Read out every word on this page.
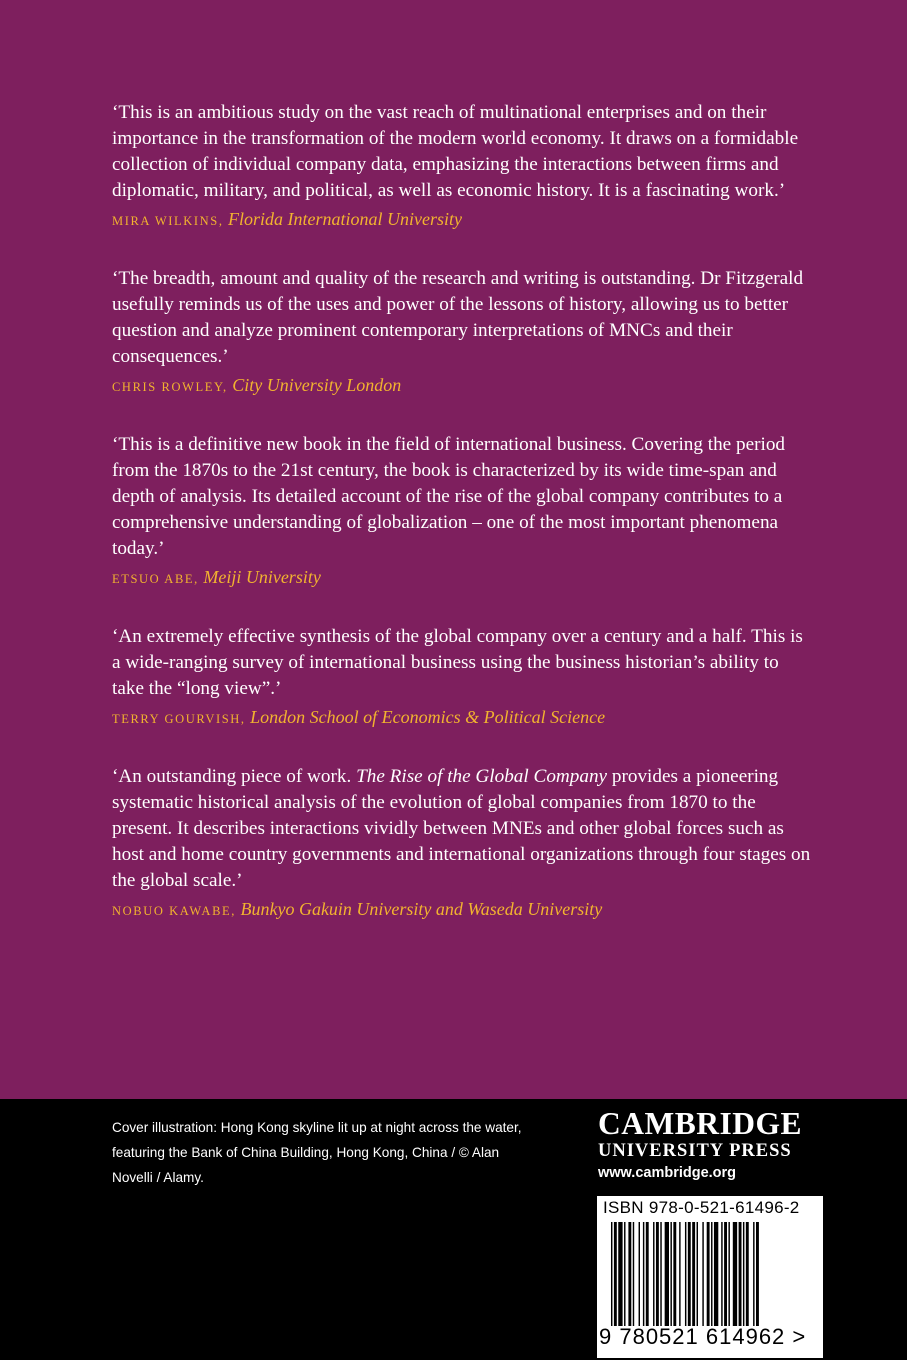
‘This is an ambitious study on the vast reach of multinational enterprises and on their importance in the transformation of the modern world economy. It draws on a formidable collection of individual company data, emphasizing the interactions between firms and diplomatic, military, and political, as well as economic history. It is a fascinating work.’

MIRA WILKINS, Florida International University

‘The breadth, amount and quality of the research and writing is outstanding. Dr Fitzgerald usefully reminds us of the uses and power of the lessons of history, allowing us to better question and analyze prominent contemporary interpretations of MNCs and their consequences.’

CHRIS ROWLEY, City University London

‘This is a definitive new book in the field of international business. Covering the period from the 1870s to the 21st century, the book is characterized by its wide time-span and depth of analysis. Its detailed account of the rise of the global company contributes to a comprehensive understanding of globalization – one of the most important phenomena today.’

ETSUO ABE, Meiji University

‘An extremely effective synthesis of the global company over a century and a half. This is a wide-ranging survey of international business using the business historian’s ability to take the “long view”.’

TERRY GOURVISH, London School of Economics & Political Science

‘An outstanding piece of work. The Rise of the Global Company provides a pioneering systematic historical analysis of the evolution of global companies from 1870 to the present. It describes interactions vividly between MNEs and other global forces such as host and home country governments and international organizations through four stages on the global scale.’

NOBUO KAWABE, Bunkyo Gakuin University and Waseda University
Cover illustration: Hong Kong skyline lit up at night across the water, featuring the Bank of China Building, Hong Kong, China / © Alan Novelli / Alamy.
CAMBRIDGE
UNIVERSITY PRESS
www.cambridge.org
ISBN 978-0-521-61496-2
9 780521 614962 >
